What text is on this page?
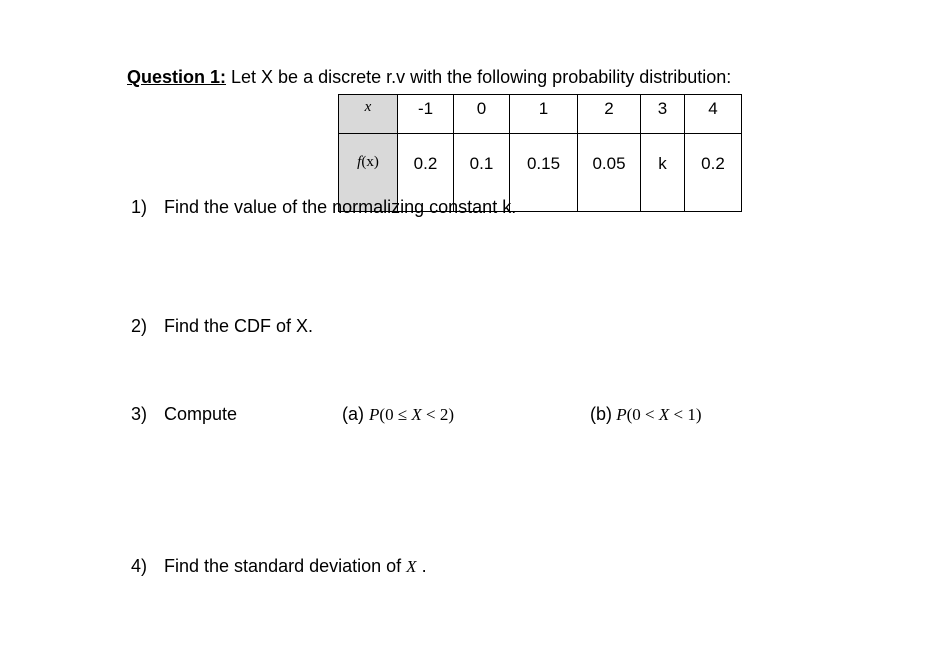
Question 1: Let X be a discrete r.v with the following probability distribution:
x	-1	0	1	2	3	4
f(x)	0.2	0.1	0.15	0.05	k	0.2
1) Find the value of the normalizing constant k.
2) Find the CDF of X.
3) Compute	(a) P(0 ≤ X < 2)	(b) P(0 < X < 1)
4) Find the standard deviation of X .
